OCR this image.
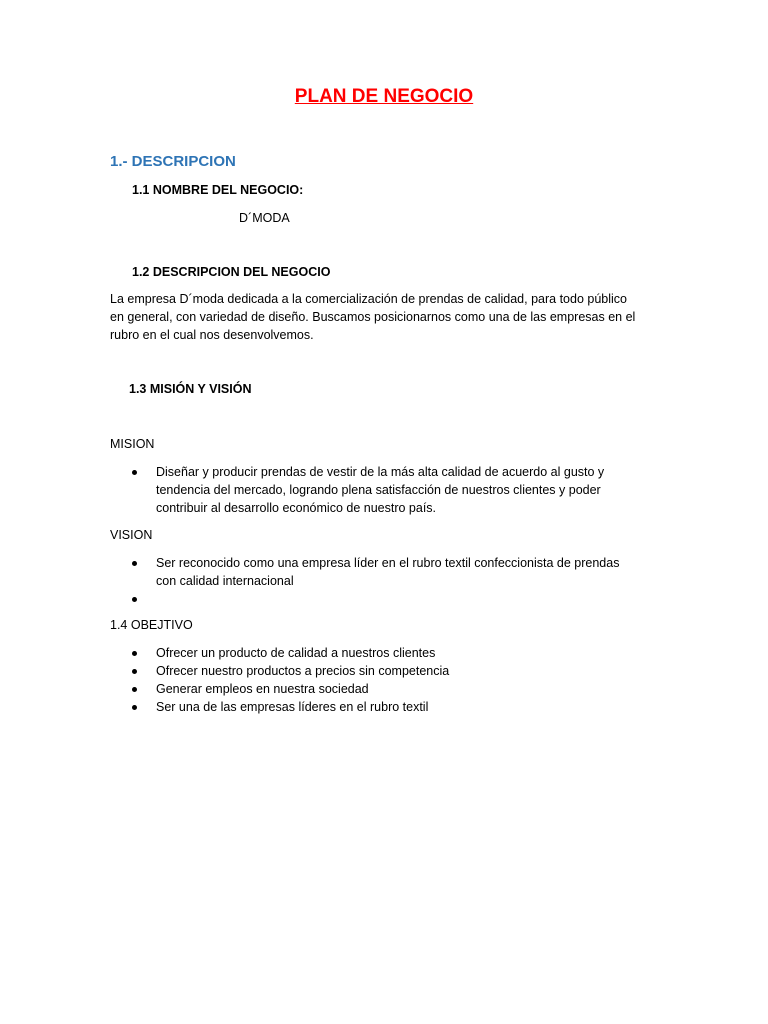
PLAN DE NEGOCIO
1.- DESCRIPCION
1.1 NOMBRE DEL NEGOCIO:
D´MODA
1.2 DESCRIPCION DEL NEGOCIO
La empresa D´moda dedicada a la comercialización de prendas de calidad, para todo público
en general, con variedad de diseño. Buscamos posicionarnos como una de las empresas en el
rubro en el cual nos desenvolvemos.
1.3 MISIÓN Y VISIÓN
MISION
Diseñar y producir prendas de vestir de la más alta calidad de acuerdo al gusto y
tendencia del mercado, logrando plena satisfacción de nuestros clientes y poder
contribuir al desarrollo económico de nuestro país.
VISION
Ser reconocido como una empresa líder en el rubro textil confeccionista de prendas
con calidad internacional
1.4 OBEJTIVO
Ofrecer un producto de calidad a nuestros clientes
Ofrecer nuestro productos a precios sin competencia
Generar empleos en nuestra sociedad
Ser una de las empresas líderes en el rubro textil
